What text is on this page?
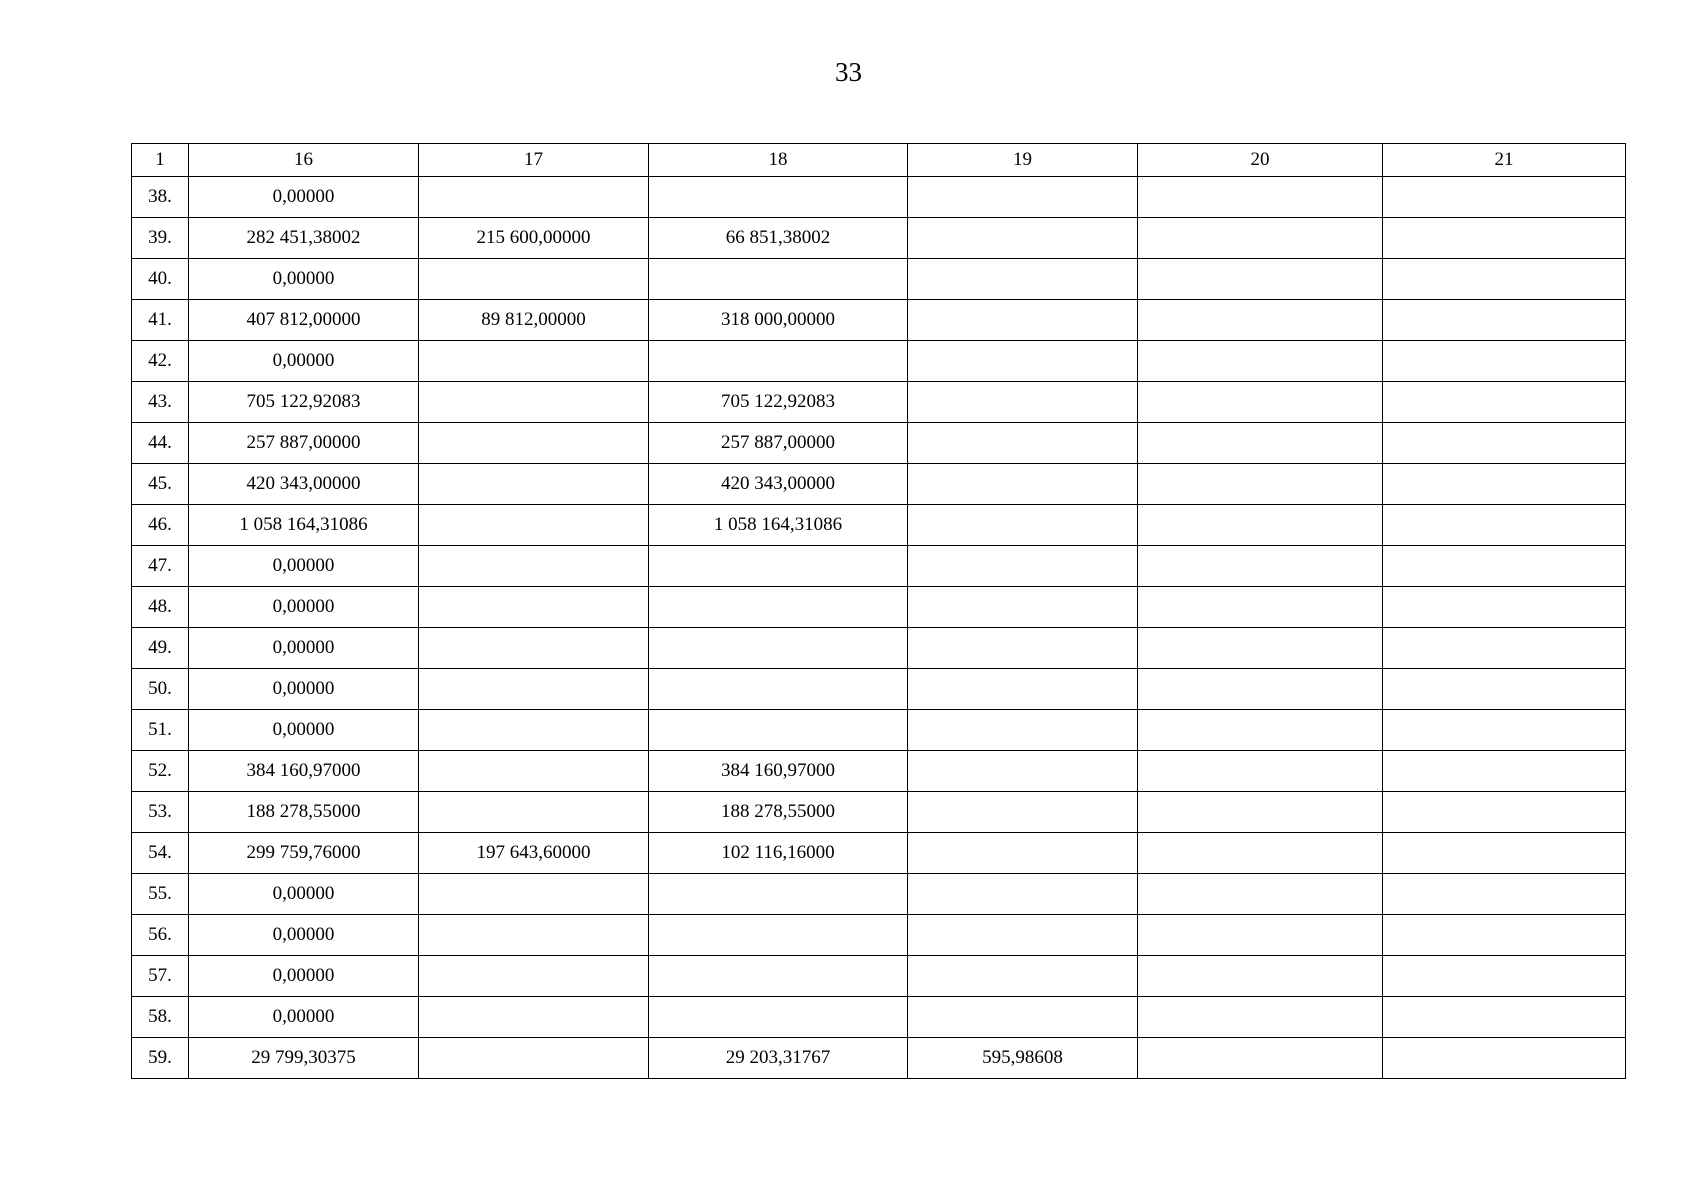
33
1	16	17	18	19	20	21
38.	0,00000					
39.	282 451,38002	215 600,00000	66 851,38002			
40.	0,00000					
41.	407 812,00000	89 812,00000	318 000,00000			
42.	0,00000					
43.	705 122,92083		705 122,92083			
44.	257 887,00000		257 887,00000			
45.	420 343,00000		420 343,00000			
46.	1 058 164,31086		1 058 164,31086			
47.	0,00000					
48.	0,00000					
49.	0,00000					
50.	0,00000					
51.	0,00000					
52.	384 160,97000		384 160,97000			
53.	188 278,55000		188 278,55000			
54.	299 759,76000	197 643,60000	102 116,16000			
55.	0,00000					
56.	0,00000					
57.	0,00000					
58.	0,00000					
59.	29 799,30375		29 203,31767	595,98608		
